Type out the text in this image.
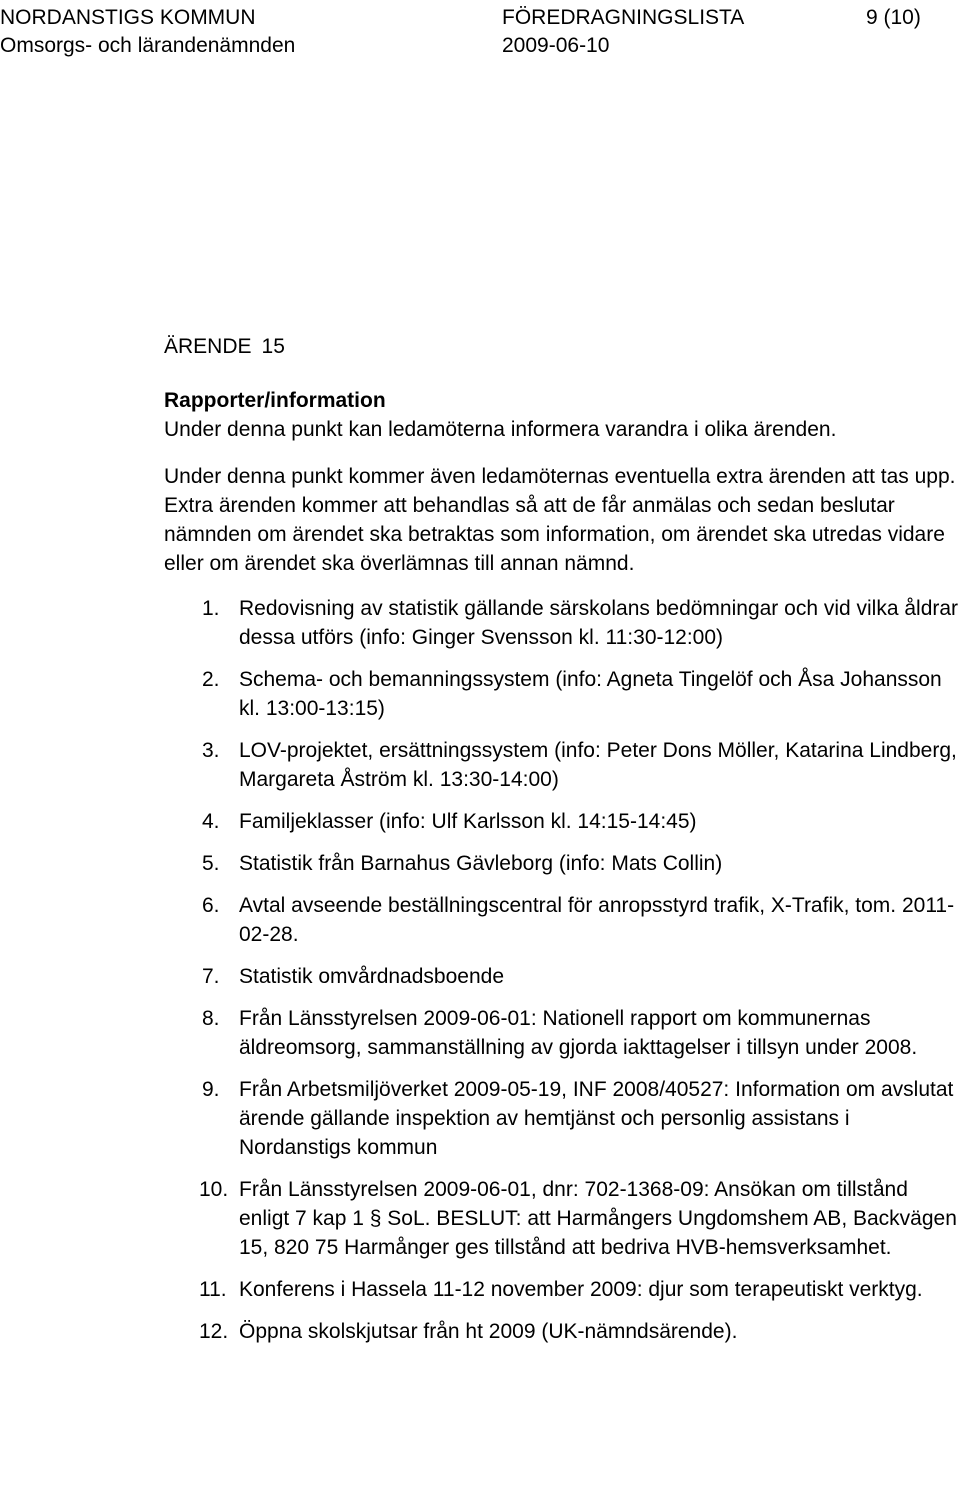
NORDANSTIGS KOMMUN	FÖREDRAGNINGSLISTA	9 (10)
Omsorgs- och lärandenämnden	2009-06-10

ÄRENDE 15

Rapporter/information

Under denna punkt kan ledamöterna informera varandra i olika ärenden.

Under denna punkt kommer även ledamöternas eventuella extra ärenden att tas upp. Extra ärenden kommer att behandlas så att de får anmälas och sedan beslutar nämnden om ärendet ska betraktas som information, om ärendet ska utredas vidare eller om ärendet ska överlämnas till annan nämnd.

1. Redovisning av statistik gällande särskolans bedömningar och vid vilka åldrar dessa utförs (info: Ginger Svensson kl. 11:30-12:00)
2. Schema- och bemanningssystem (info: Agneta Tingelöf och Åsa Johansson kl. 13:00-13:15)
3. LOV-projektet, ersättningssystem (info: Peter Dons Möller, Katarina Lindberg, Margareta Åström kl. 13:30-14:00)
4. Familjeklasser (info: Ulf Karlsson kl. 14:15-14:45)
5. Statistik från Barnahus Gävleborg (info: Mats Collin)
6. Avtal avseende beställningscentral för anropsstyrd trafik, X-Trafik, tom. 2011-02-28.
7. Statistik omvårdnadsboende
8. Från Länsstyrelsen 2009-06-01: Nationell rapport om kommunernas äldreomsorg, sammanställning av gjorda iakttagelser i tillsyn under 2008.
9. Från Arbetsmiljöverket 2009-05-19, INF 2008/40527: Information om avslutat ärende gällande inspektion av hemtjänst och personlig assistans i Nordanstigs kommun
10. Från Länsstyrelsen 2009-06-01, dnr: 702-1368-09: Ansökan om tillstånd enligt 7 kap 1 § SoL. BESLUT: att Harmångers Ungdomshem AB, Backvägen 15, 820 75 Harmånger ges tillstånd att bedriva HVB-hemsverksamhet.
11. Konferens i Hassela 11-12 november 2009: djur som terapeutiskt verktyg.
12. Öppna skolskjutsar från ht 2009 (UK-nämndsärende).
